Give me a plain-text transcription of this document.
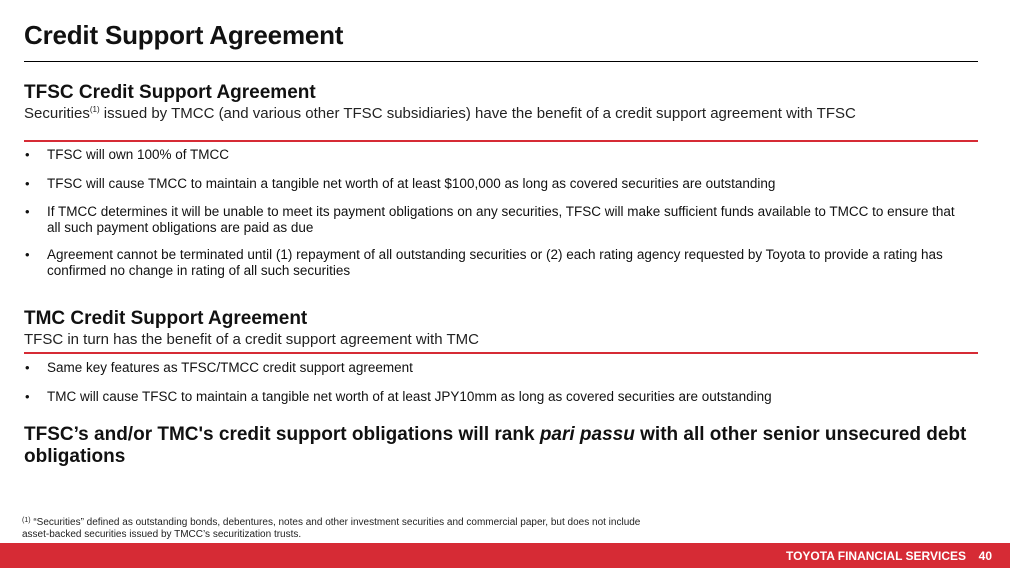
Credit Support Agreement
TFSC Credit Support Agreement
Securities$^{(1)}$ issued by TMCC (and various other TFSC subsidiaries) have the benefit of a credit support agreement with TFSC
• TFSC will own 100% of TMCC
• TFSC will cause TMCC to maintain a tangible net worth of at least $100,000 as long as covered securities are outstanding
• If TMCC determines it will be unable to meet its payment obligations on any securities, TFSC will make sufficient funds available to TMCC to ensure that all such payment obligations are paid as due
• Agreement cannot be terminated until (1) repayment of all outstanding securities or (2) each rating agency requested by Toyota to provide a rating has confirmed no change in rating of all such securities
TMC Credit Support Agreement
TFSC in turn has the benefit of a credit support agreement with TMC
• Same key features as TFSC/TMCC credit support agreement
• TMC will cause TFSC to maintain a tangible net worth of at least JPY10mm as long as covered securities are outstanding
TFSC’s and/or TMC's credit support obligations will rank pari passu with all other senior unsecured debt obligations
$^{(1)}$ “Securities” defined as outstanding bonds, debentures, notes and other investment securities and commercial paper, but does not include asset-backed securities issued by TMCC’s securitization trusts.
TOYOTA FINANCIAL SERVICES 40
